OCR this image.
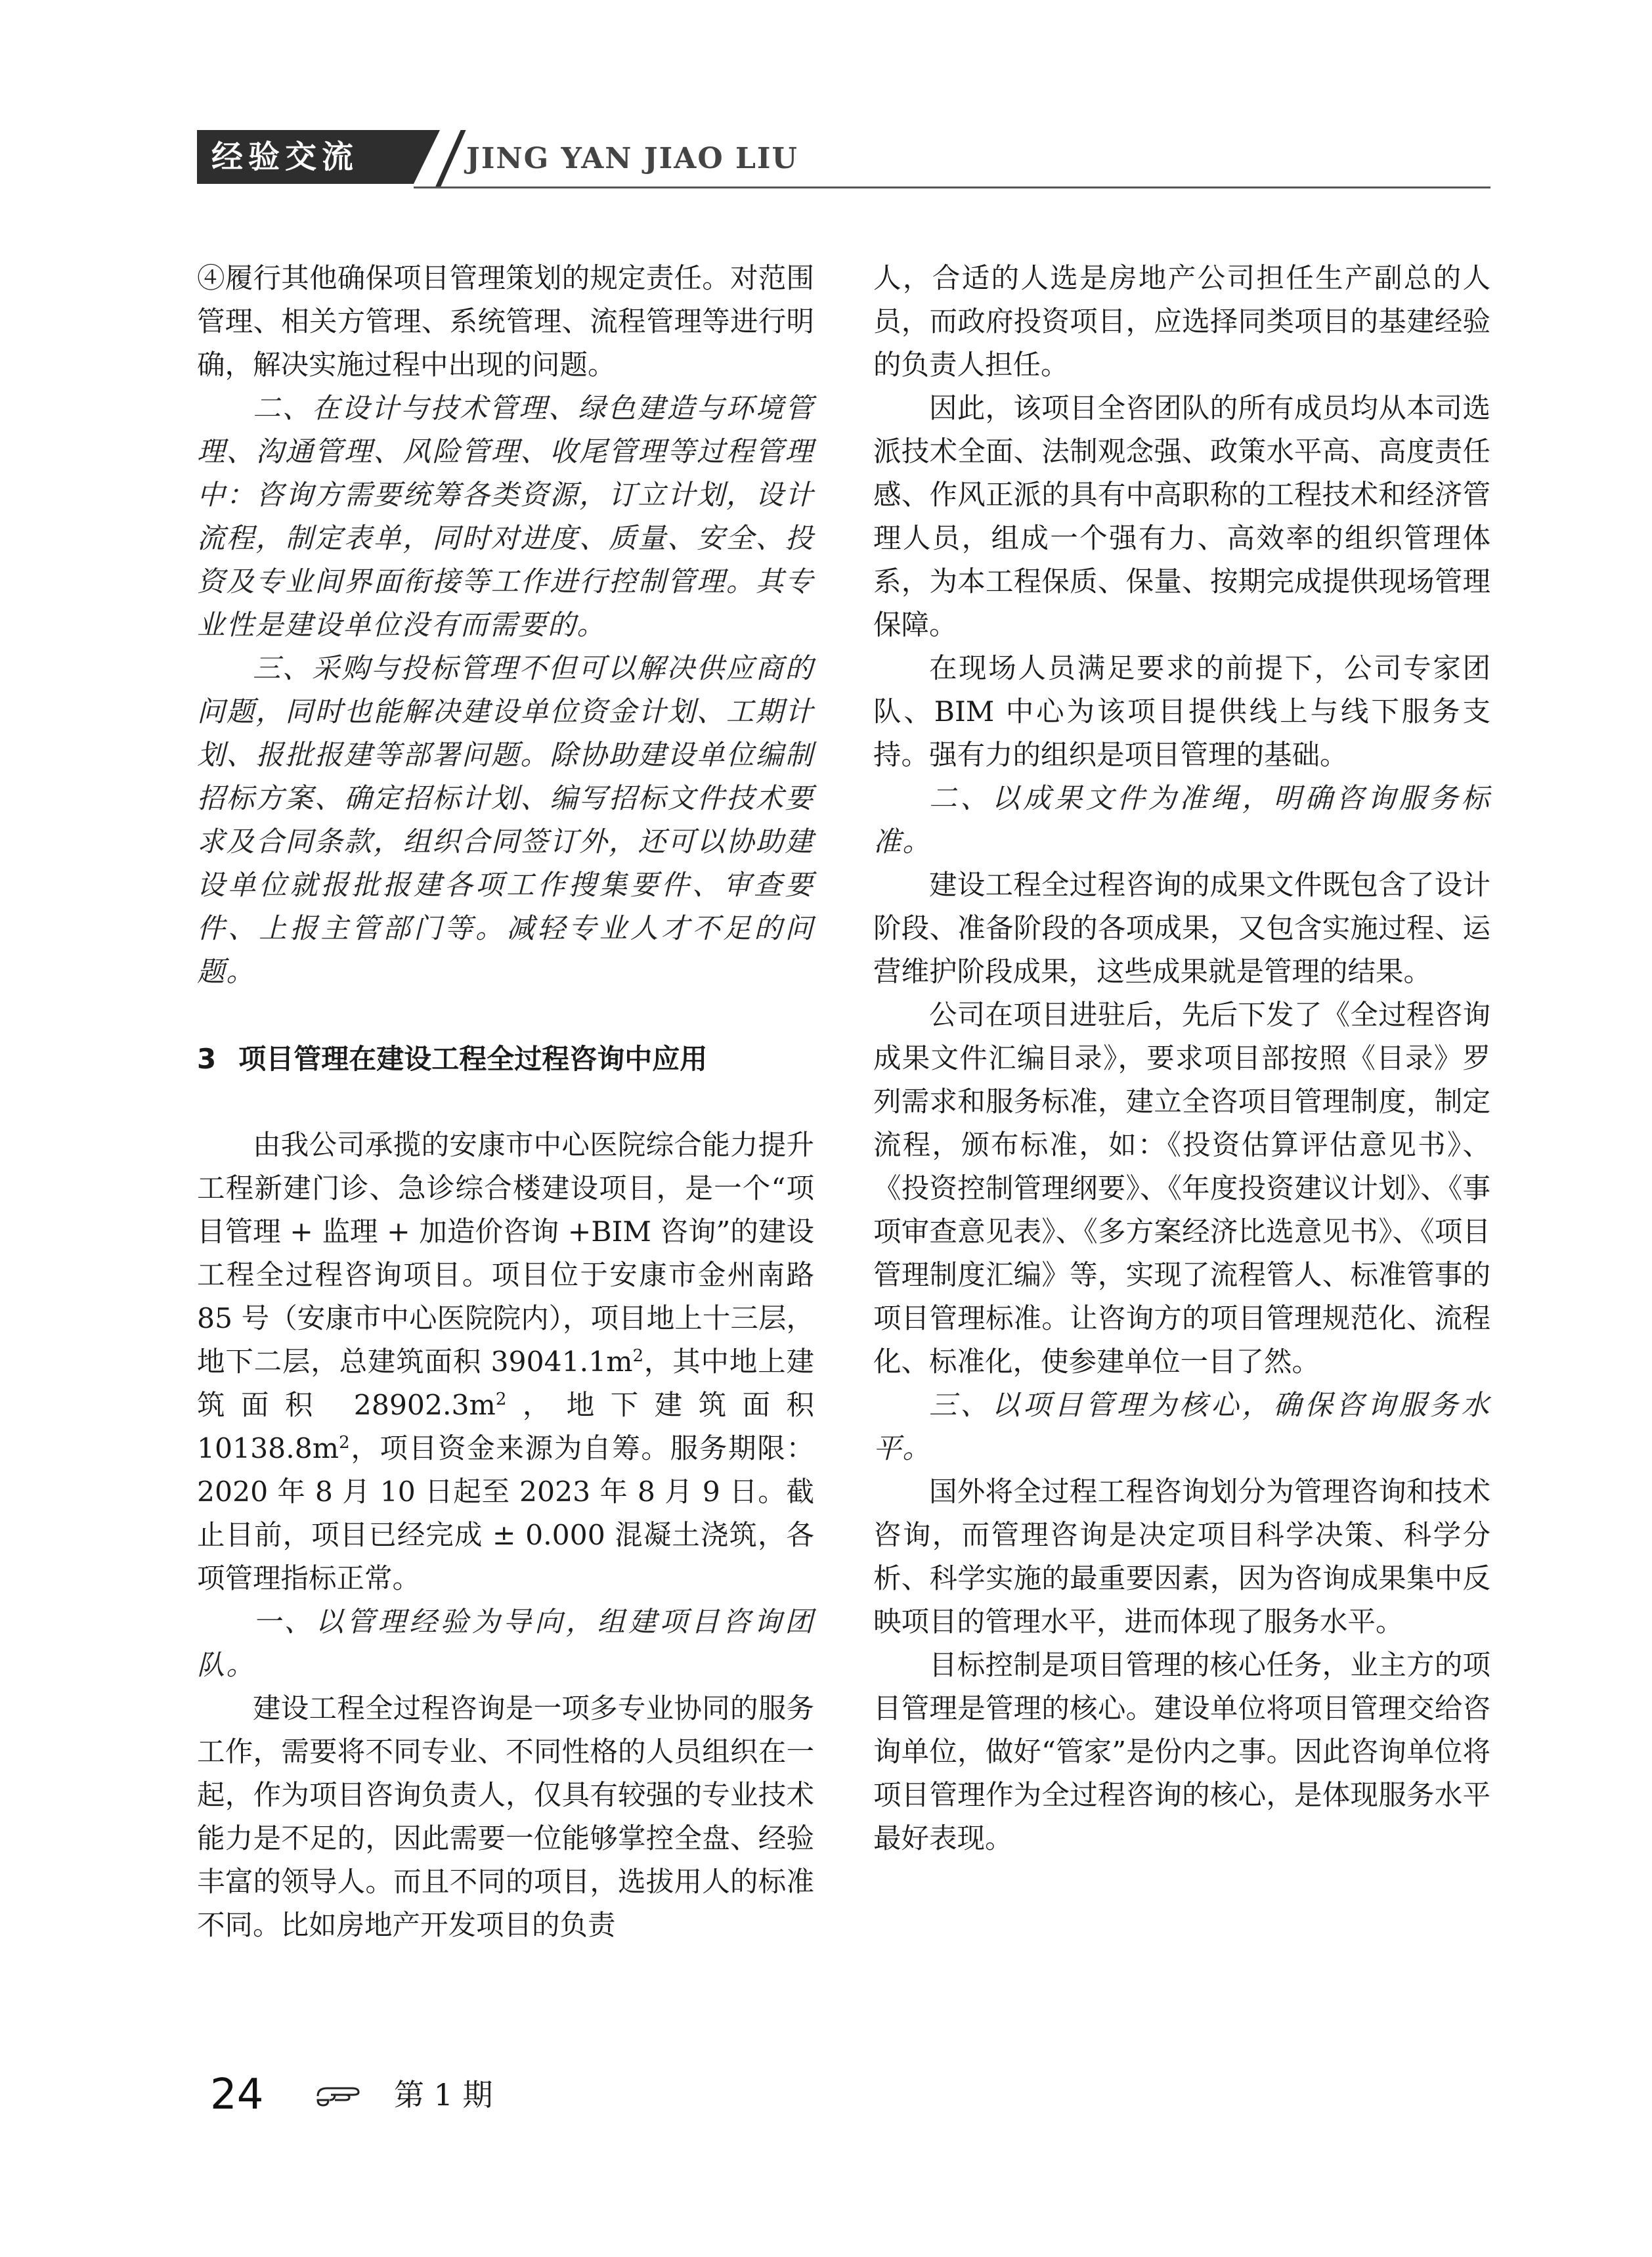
经验交流	JING YAN JIAO LIU

④履行其他确保项目管理策划的规定责任。对范围管理、相关方管理、系统管理、流程管理等进行明确，解决实施过程中出现的问题。

二、在设计与技术管理、绿色建造与环境管理、沟通管理、风险管理、收尾管理等过程管理中：咨询方需要统筹各类资源，订立计划，设计流程，制定表单，同时对进度、质量、安全、投资及专业间界面衔接等工作进行控制管理。其专业性是建设单位没有而需要的。

三、采购与投标管理不但可以解决供应商的问题，同时也能解决建设单位资金计划、工期计划、报批报建等部署问题。除协助建设单位编制招标方案、确定招标计划、编写招标文件技术要求及合同条款，组织合同签订外，还可以协助建设单位就报批报建各项工作搜集要件、审查要件、上报主管部门等。减轻专业人才不足的问题。

3 项目管理在建设工程全过程咨询中应用

由我公司承揽的安康市中心医院综合能力提升工程新建门诊、急诊综合楼建设项目，是一个“项目管理 + 监理 + 加造价咨询 +BIM 咨询”的建设工程全过程咨询项目。项目位于安康市金州南路 85 号（安康市中心医院院内），项目地上十三层，地下二层，总建筑面积 $39041.1m^2$，其中地上建筑面积 $28902.3m^2$，地下建筑面积 $10138.8m^2$，项目资金来源为自筹。服务期限：2020 年 8 月 10 日起至 2023 年 8 月 9 日。截止目前，项目已经完成 ± 0.000 混凝土浇筑，各项管理指标正常。

一、以管理经验为导向，组建项目咨询团队。

建设工程全过程咨询是一项多专业协同的服务工作，需要将不同专业、不同性格的人员组织在一起，作为项目咨询负责人，仅具有较强的专业技术能力是不足的，因此需要一位能够掌控全盘、经验丰富的领导人。而且不同的项目，选拔用人的标准不同。比如房地产开发项目的负责

人，合适的人选是房地产公司担任生产副总的人员，而政府投资项目，应选择同类项目的基建经验的负责人担任。

因此，该项目全咨团队的所有成员均从本司选派技术全面、法制观念强、政策水平高、高度责任感、作风正派的具有中高职称的工程技术和经济管理人员，组成一个强有力、高效率的组织管理体系，为本工程保质、保量、按期完成提供现场管理保障。

在现场人员满足要求的前提下，公司专家团队、BIM 中心为该项目提供线上与线下服务支持。强有力的组织是项目管理的基础。

二、以成果文件为准绳，明确咨询服务标准。

建设工程全过程咨询的成果文件既包含了设计阶段、准备阶段的各项成果，又包含实施过程、运营维护阶段成果，这些成果就是管理的结果。

公司在项目进驻后，先后下发了《全过程咨询成果文件汇编目录》，要求项目部按照《目录》罗列需求和服务标准，建立全咨项目管理制度，制定流程，颁布标准，如：《投资估算评估意见书》、《投资控制管理纲要》、《年度投资建议计划》、《事项审查意见表》、《多方案经济比选意见书》、《项目管理制度汇编》等，实现了流程管人、标准管事的项目管理标准。让咨询方的项目管理规范化、流程化、标准化，使参建单位一目了然。

三、以项目管理为核心，确保咨询服务水平。

国外将全过程工程咨询划分为管理咨询和技术咨询，而管理咨询是决定项目科学决策、科学分析、科学实施的最重要因素，因为咨询成果集中反映项目的管理水平，进而体现了服务水平。

目标控制是项目管理的核心任务，业主方的项目管理是管理的核心。建设单位将项目管理交给咨询单位，做好“管家”是份内之事。因此咨询单位将项目管理作为全过程咨询的核心，是体现服务水平最好表现。

24	第 1 期
